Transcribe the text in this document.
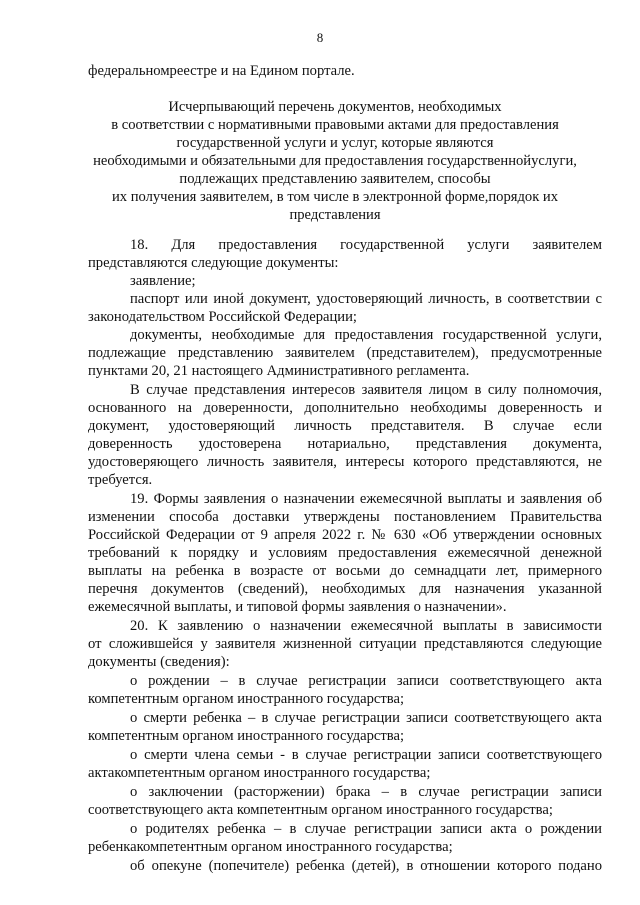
8
федеральномреестре и на Едином портале.
Исчерпывающий перечень документов, необходимых
в соответствии с нормативными правовыми актами для предоставления
государственной услуги и услуг, которые являются
необходимыми и обязательными для предоставления государственнойуслуги,
подлежащих представлению заявителем, способы
их получения заявителем, в том числе в электронной форме,порядок их
представления
18. Для предоставления государственной услуги заявителем
представляются следующие документы:
заявление;
паспорт или иной документ, удостоверяющий личность, в соответствии с
законодательством Российской Федерации;
документы, необходимые для предоставления государственной услуги,
подлежащие представлению заявителем (представителем), предусмотренные
пунктами 20, 21 настоящего Административного регламента.
В случае представления интересов заявителя лицом в силу полномочия,
основанного на доверенности, дополнительно необходимы доверенность и
документ, удостоверяющий личность представителя. В случае если
доверенность удостоверена нотариально, представления документа,
удостоверяющего личность заявителя, интересы которого представляются, не
требуется.
19. Формы заявления о назначении ежемесячной выплаты и заявления об
изменении способа доставки утверждены постановлением Правительства
Российской Федерации от 9 апреля 2022 г. № 630 «Об утверждении основных
требований к порядку и условиям предоставления ежемесячной денежной
выплаты на ребенка в возрасте от восьми до семнадцати лет, примерного
перечня документов (сведений), необходимых для назначения указанной
ежемесячной выплаты, и типовой формы заявления о назначении».
20. К заявлению о назначении ежемесячной выплаты в зависимости
от сложившейся у заявителя жизненной ситуации представляются следующие
документы (сведения):
о рождении – в случае регистрации записи соответствующего акта
компетентным органом иностранного государства;
о смерти ребенка – в случае регистрации записи соответствующего акта
компетентным органом иностранного государства;
о смерти члена семьи - в случае регистрации записи соответствующего
актакомпетентным органом иностранного государства;
о заключении (расторжении) брака – в случае регистрации записи
соответствующего акта компетентным органом иностранного государства;
о родителях ребенка – в случае регистрации записи акта о рождении
ребенкакомпетентным органом иностранного государства;
об опекуне (попечителе) ребенка (детей), в отношении которого подано
